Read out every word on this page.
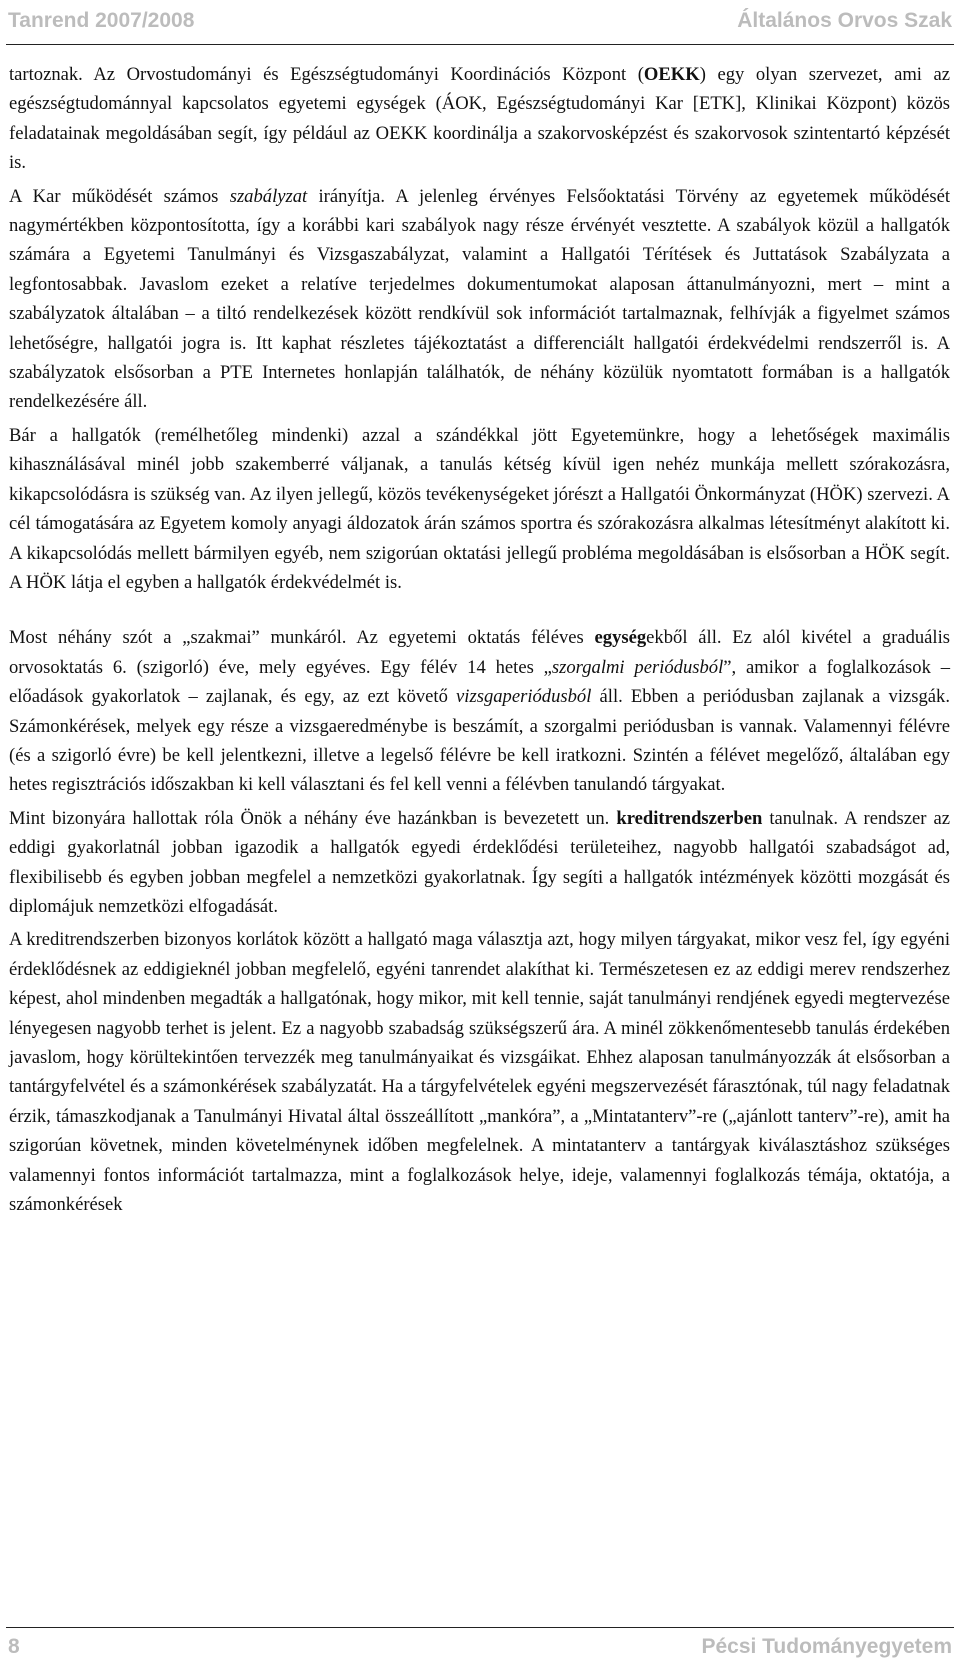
Tanrend 2007/2008	Általános Orvos Szak

tartoznak. Az Orvostudományi és Egészségtudományi Koordinációs Központ (OEKK) egy olyan szervezet, ami az egészségtudománnyal kapcsolatos egyetemi egységek (ÁOK, Egészségtudományi Kar [ETK], Klinikai Központ) közös feladatainak megoldásában segít, így például az OEKK koordinálja a szakorvosképzést és szakorvosok szintentartó képzését is.

A Kar működését számos szabályzat irányítja. A jelenleg érvényes Felsőoktatási Törvény az egyetemek működését nagymértékben központosította, így a korábbi kari szabályok nagy része érvényét vesztette. A szabályok közül a hallgatók számára a Egyetemi Tanulmányi és Vizsgaszabályzat, valamint a Hallgatói Térítések és Juttatások Szabályzata a legfontosabbak. Javaslom ezeket a relatíve terjedelmes dokumentumokat alaposan áttanulmányozni, mert – mint a szabályzatok általában – a tiltó rendelkezések között rendkívül sok információt tartalmaznak, felhívják a figyelmet számos lehetőségre, hallgatói jogra is. Itt kaphat részletes tájékoztatást a differenciált hallgatói érdekvédelmi rendszerről is. A szabályzatok elsősorban a PTE Internetes honlapján találhatók, de néhány közülük nyomtatott formában is a hallgatók rendelkezésére áll.

Bár a hallgatók (remélhetőleg mindenki) azzal a szándékkal jött Egyetemünkre, hogy a lehetőségek maximális kihasználásával minél jobb szakemberré váljanak, a tanulás kétség kívül igen nehéz munkája mellett szórakozásra, kikapcsolódásra is szükség van. Az ilyen jellegű, közös tevékenységeket jórészt a Hallgatói Önkormányzat (HÖK) szervezi. A cél támogatására az Egyetem komoly anyagi áldozatok árán számos sportra és szórakozásra alkalmas létesítményt alakított ki. A kikapcsolódás mellett bármilyen egyéb, nem szigorúan oktatási jellegű probléma megoldásában is elsősorban a HÖK segít. A HÖK látja el egyben a hallgatók érdekvédelmét is.

Most néhány szót a „szakmai” munkáról. Az egyetemi oktatás féléves egységekből áll. Ez alól kivétel a graduális orvosoktatás 6. (szigorló) éve, mely egyéves. Egy félév 14 hetes „szorgalmi periódusból”, amikor a foglalkozások – előadások gyakorlatok – zajlanak, és egy, az ezt követő vizsgaperiódusból áll. Ebben a periódusban zajlanak a vizsgák. Számonkérések, melyek egy része a vizsgaeredménybe is beszámít, a szorgalmi periódusban is vannak. Valamennyi félévre (és a szigorló évre) be kell jelentkezni, illetve a legelső félévre be kell iratkozni. Szintén a félévet megelőző, általában egy hetes regisztrációs időszakban ki kell választani és fel kell venni a félévben tanulandó tárgyakat.

Mint bizonyára hallottak róla Önök a néhány éve hazánkban is bevezetett un. kreditrendszerben tanulnak. A rendszer az eddigi gyakorlatnál jobban igazodik a hallgatók egyedi érdeklődési területeihez, nagyobb hallgatói szabadságot ad, flexibilisebb és egyben jobban megfelel a nemzetközi gyakorlatnak. Így segíti a hallgatók intézmények közötti mozgását és diplomájuk nemzetközi elfogadását.

A kreditrendszerben bizonyos korlátok között a hallgató maga választja azt, hogy milyen tárgyakat, mikor vesz fel, így egyéni érdeklődésnek az eddigieknél jobban megfelelő, egyéni tanrendet alakíthat ki. Természetesen ez az eddigi merev rendszerhez képest, ahol mindenben megadták a hallgatónak, hogy mikor, mit kell tennie, saját tanulmányi rendjének egyedi megtervezése lényegesen nagyobb terhet is jelent. Ez a nagyobb szabadság szükségszerű ára. A minél zökkenőmentesebb tanulás érdekében javaslom, hogy körültekintően tervezzék meg tanulmányaikat és vizsgáikat. Ehhez alaposan tanulmányozzák át elsősorban a tantárgyfelvétel és a számonkérések szabályzatát. Ha a tárgyfelvételek egyéni megszervezését fárasztónak, túl nagy feladatnak érzik, támaszkodjanak a Tanulmányi Hivatal által összeállított „mankóra”, a „Mintatanterv”-re („ajánlott tanterv”-re), amit ha szigorúan követnek, minden követelménynek időben megfelelnek. A mintatanterv a tantárgyak kiválasztáshoz szükséges valamennyi fontos információt tartalmazza, mint a foglalkozások helye, ideje, valamennyi foglalkozás témája, oktatója, a számonkérések

8	Pécsi Tudományegyetem
